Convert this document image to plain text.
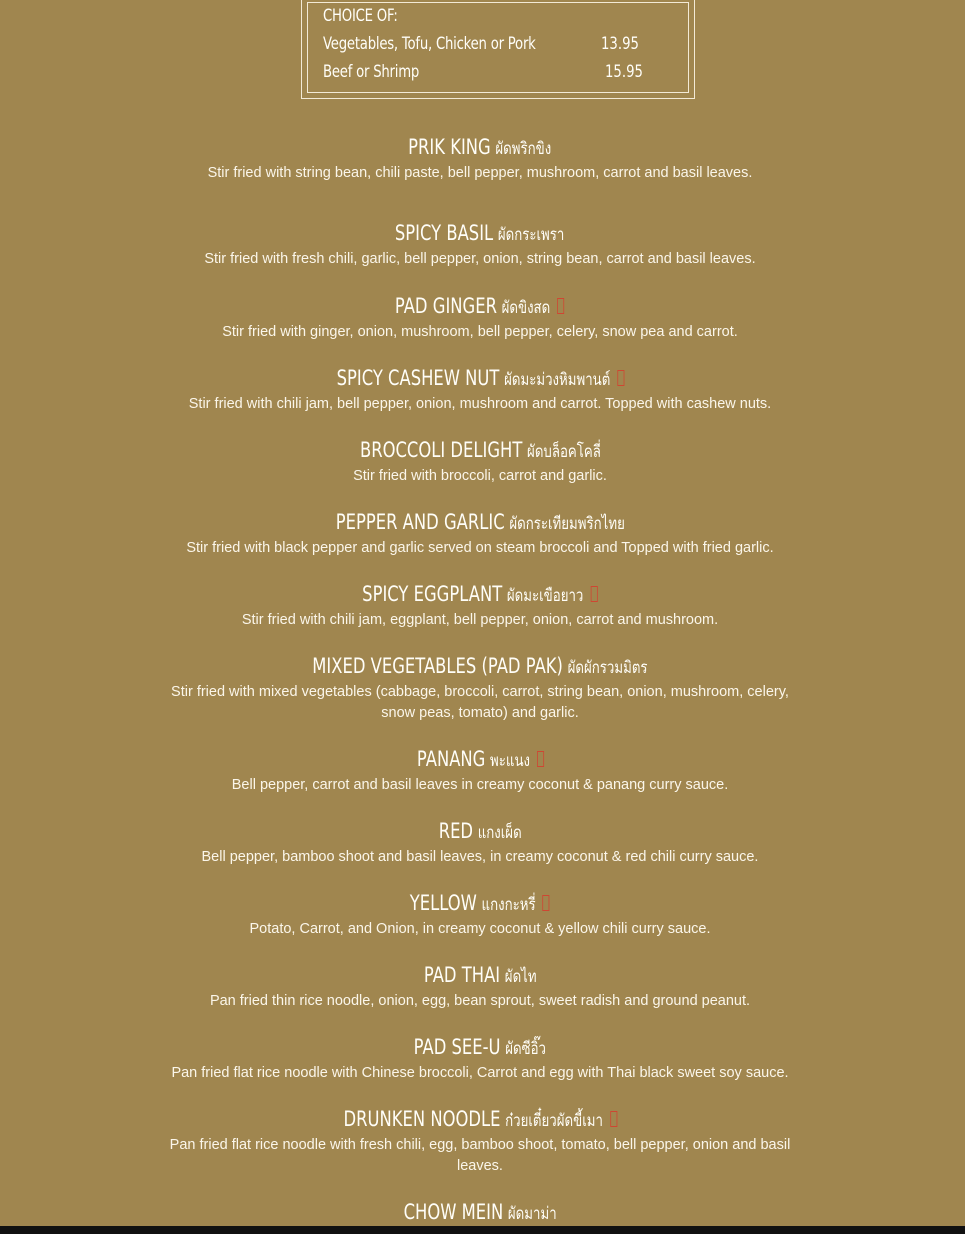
CHOICE OF:
Vegetables, Tofu, Chicken or Pork	13.95
Beef or Shrimp	15.95
PRIK KING ผัดพริกขิง
Stir fried with string bean, chili paste, bell pepper, mushroom, carrot and basil leaves.
SPICY BASIL ผัดกระเพรา
Stir fried with fresh chili, garlic, bell pepper, onion, string bean, carrot and basil leaves.
PAD GINGER ผัดขิงสด
Stir fried with ginger, onion, mushroom, bell pepper, celery, snow pea and carrot.
SPICY CASHEW NUT ผัดมะม่วงหิมพานต์
Stir fried with chili jam, bell pepper, onion, mushroom and carrot. Topped with cashew nuts.
BROCCOLI DELIGHT ผัดบล็อคโคลี่
Stir fried with broccoli, carrot and garlic.
PEPPER AND GARLIC ผัดกระเทียมพริกไทย
Stir fried with black pepper and garlic served on steam broccoli and Topped with fried garlic.
SPICY EGGPLANT ผัดมะเขือยาว
Stir fried with chili jam, eggplant, bell pepper, onion, carrot and mushroom.
MIXED VEGETABLES (PAD PAK) ผัดผักรวมมิตร
Stir fried with mixed vegetables (cabbage, broccoli, carrot, string bean, onion, mushroom, celery, snow peas, tomato) and garlic.
PANANG พะแนง
Bell pepper, carrot and basil leaves in creamy coconut & panang curry sauce.
RED แกงเผ็ด
Bell pepper, bamboo shoot and basil leaves, in creamy coconut & red chili curry sauce.
YELLOW แกงกะหรี่
Potato, Carrot, and Onion, in creamy coconut & yellow chili curry sauce.
PAD THAI ผัดไท
Pan fried thin rice noodle, onion, egg, bean sprout, sweet radish and ground peanut.
PAD SEE-U ผัดซีอิ๊ว
Pan fried flat rice noodle with Chinese broccoli, Carrot and egg with Thai black sweet soy sauce.
DRUNKEN NOODLE ก๋วยเตี๋ยวผัดขี้เมา
Pan fried flat rice noodle with fresh chili, egg, bamboo shoot, tomato, bell pepper, onion and basil leaves.
CHOW MEIN ผัดมาม่า
